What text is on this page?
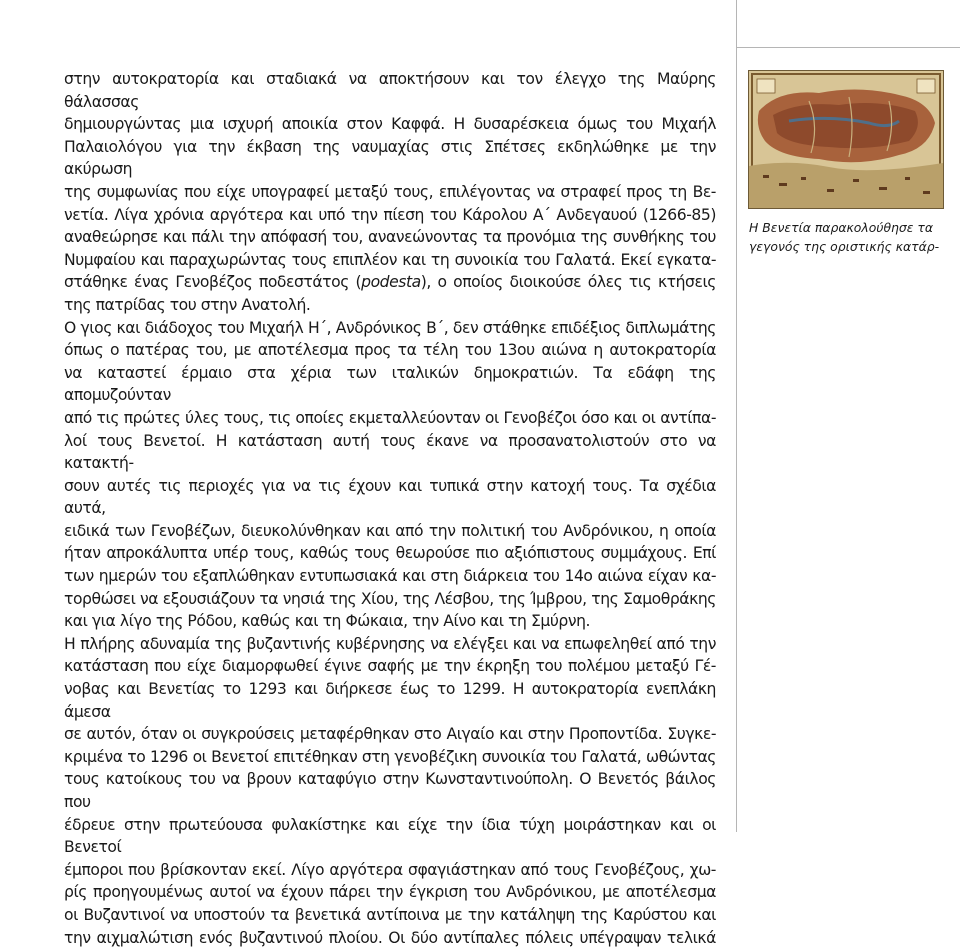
στην αυτοκρατορία και σταδιακά να αποκτήσουν και τον έλεγχο της Μαύρης θάλασσας
δημιουργώντας μια ισχυρή αποικία στον Καφφά. Η δυσαρέσκεια όμως του Μιχαήλ
Παλαιολόγου για την έκβαση της ναυμαχίας στις Σπέτσες εκδηλώθηκε με την ακύρωση
της συμφωνίας που είχε υπογραφεί μεταξύ τους, επιλέγοντας να στραφεί προς τη Βε-
νετία. Λίγα χρόνια αργότερα και υπό την πίεση του Κάρολου Α΄ Ανδεγαυού (1266-85)
αναθεώρησε και πάλι την απόφασή του, ανανεώνοντας τα προνόμια της συνθήκης του
Νυμφαίου και παραχωρώντας τους επιπλέον και τη συνοικία του Γαλατά. Εκεί εγκατα-
στάθηκε ένας Γενοβέζος ποδεστάτος (podesta), ο οποίος διοικούσε όλες τις κτήσεις
της πατρίδας του στην Ανατολή.

Ο γιος και διάδοχος του Μιχαήλ Η΄, Ανδρόνικος Β΄, δεν στάθηκε επιδέξιος διπλωμάτης
όπως ο πατέρας του, με αποτέλεσμα προς τα τέλη του 13ου αιώνα η αυτοκρατορία
να καταστεί έρμαιο στα χέρια των ιταλικών δημοκρατιών. Τα εδάφη της απομυζούνταν
από τις πρώτες ύλες τους, τις οποίες εκμεταλλεύονταν οι Γενοβέζοι όσο και οι αντίπα-
λοί τους Βενετοί. Η κατάσταση αυτή τους έκανε να προσανατολιστούν στο να κατακτή-
σουν αυτές τις περιοχές για να τις έχουν και τυπικά στην κατοχή τους. Τα σχέδια αυτά,
ειδικά των Γενοβέζων, διευκολύνθηκαν και από την πολιτική του Ανδρόνικου, η οποία
ήταν απροκάλυπτα υπέρ τους, καθώς τους θεωρούσε πιο αξιόπιστους συμμάχους. Επί
των ημερών του εξαπλώθηκαν εντυπωσιακά και στη διάρκεια του 14ο αιώνα είχαν κα-
τορθώσει να εξουσιάζουν τα νησιά της Χίου, της Λέσβου, της Ίμβρου, της Σαμοθράκης
και για λίγο της Ρόδου, καθώς και τη Φώκαια, την Αίνο και τη Σμύρνη.

Η πλήρης αδυναμία της βυζαντινής κυβέρνησης να ελέγξει και να επωφεληθεί από την
κατάσταση που είχε διαμορφωθεί έγινε σαφής με την έκρηξη του πολέμου μεταξύ Γέ-
νοβας και Βενετίας το 1293 και διήρκεσε έως το 1299. Η αυτοκρατορία ενεπλάκη άμεσα
σε αυτόν, όταν οι συγκρούσεις μεταφέρθηκαν στο Αιγαίο και στην Προποντίδα. Συγκε-
κριμένα το 1296 οι Βενετοί επιτέθηκαν στη γενοβέζικη συνοικία του Γαλατά, ωθώντας
τους κατοίκους του να βρουν καταφύγιο στην Κωνσταντινούπολη. Ο Βενετός βάιλος που
έδρευε στην πρωτεύουσα φυλακίστηκε και είχε την ίδια τύχη μοιράστηκαν και οι Βενετοί
έμποροι που βρίσκονταν εκεί. Λίγο αργότερα σφαγιάστηκαν από τους Γενοβέζους, χω-
ρίς προηγουμένως αυτοί να έχουν πάρει την έγκριση του Ανδρόνικου, με αποτέλεσμα
οι Βυζαντινοί να υποστούν τα βενετικά αντίποινα με την κατάληψη της Καρύστου και
την αιχμαλώτιση ενός βυζαντινού πλοίου. Οι δύο αντίπαλες πόλεις υπέγραψαν τελικά

Η Βενετία παρακολούθησε τα
γεγονός της οριστικής κατάρ-
